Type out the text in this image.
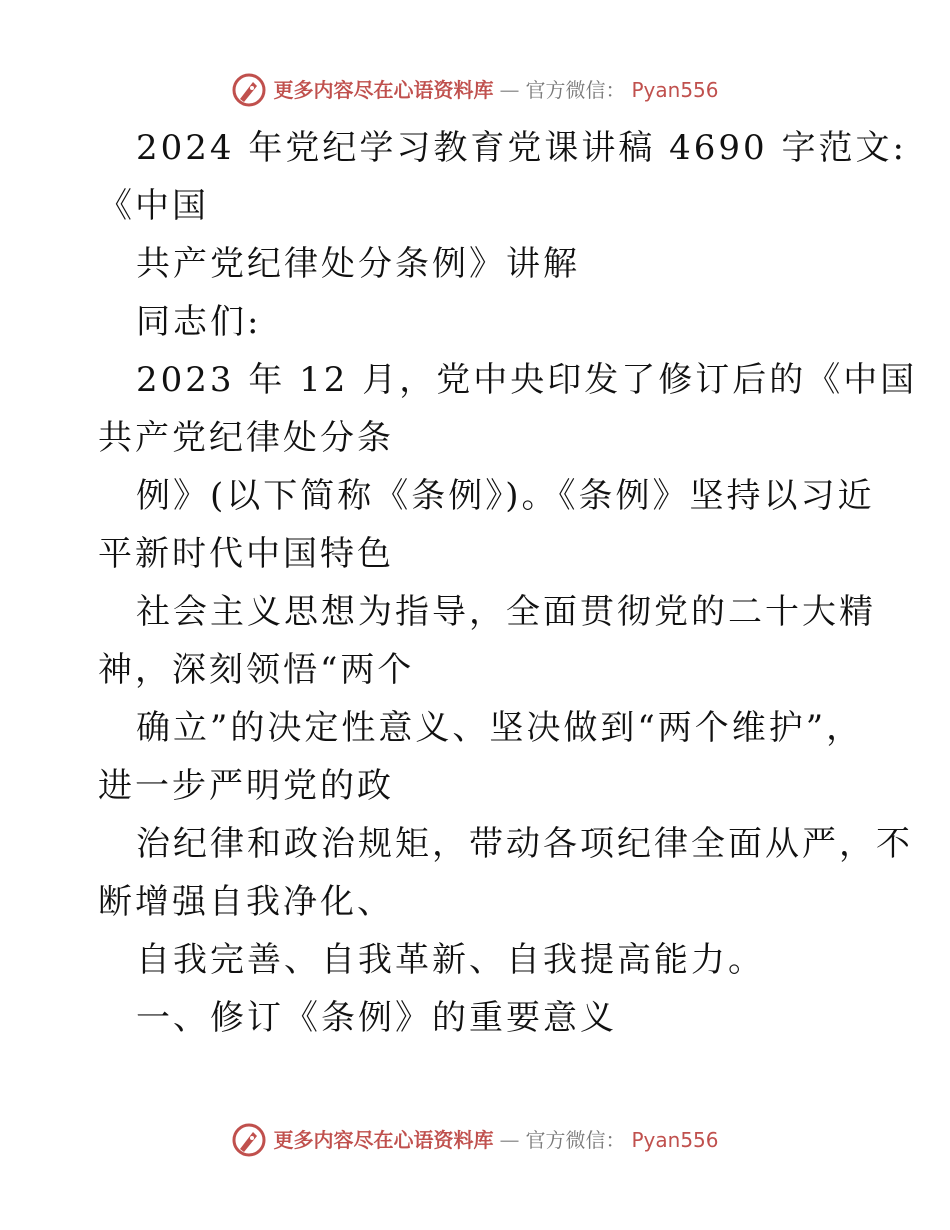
更多内容尽在心语资料库 — 官方微信： Pyan556
2024 年党纪学习教育党课讲稿 4690 字范文:
《中国
共产党纪律处分条例》讲解
同志们:
2023 年 12 月，党中央印发了修订后的《中国
共产党纪律处分条
例》(以下简称《条例》)。《条例》坚持以习近
平新时代中国特色
社会主义思想为指导，全面贯彻党的二十大精
神，深刻领悟“两个
确立”的决定性意义、坚决做到“两个维护”，
进一步严明党的政
治纪律和政治规矩，带动各项纪律全面从严，不
断增强自我净化、
自我完善、自我革新、自我提高能力。
一、修订《条例》的重要意义
更多内容尽在心语资料库 — 官方微信： Pyan556
